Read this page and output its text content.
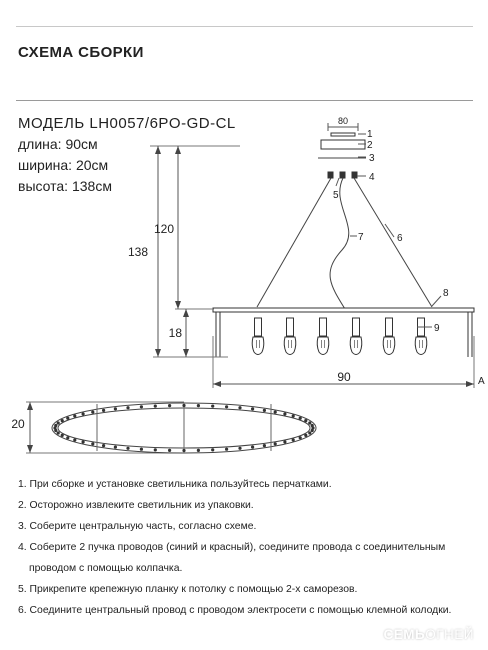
СХЕМА СБОРКИ
МОДЕЛЬ LH0057/6PO-GD-CL
длина: 90см
ширина: 20см
высота: 138см
80
138
120
18
90	A
1
2
3
4
5
6
7
8
9
20
1. При сборке и установке светильника пользуйтесь перчатками.
2. Осторожно извлеките светильник из упаковки.
3. Соберите центральную часть, согласно схеме.
4. Соберите 2 пучка проводов (синий и красный), соедините провода с соединительным
проводом с помощью колпачка.
5. Прикрепите крепежную планку к потолку с помощью 2-х саморезов.
6. Соедините центральный провод с проводом электросети с помощью клемной колодки.
СЕМЬОГНЕЙ
